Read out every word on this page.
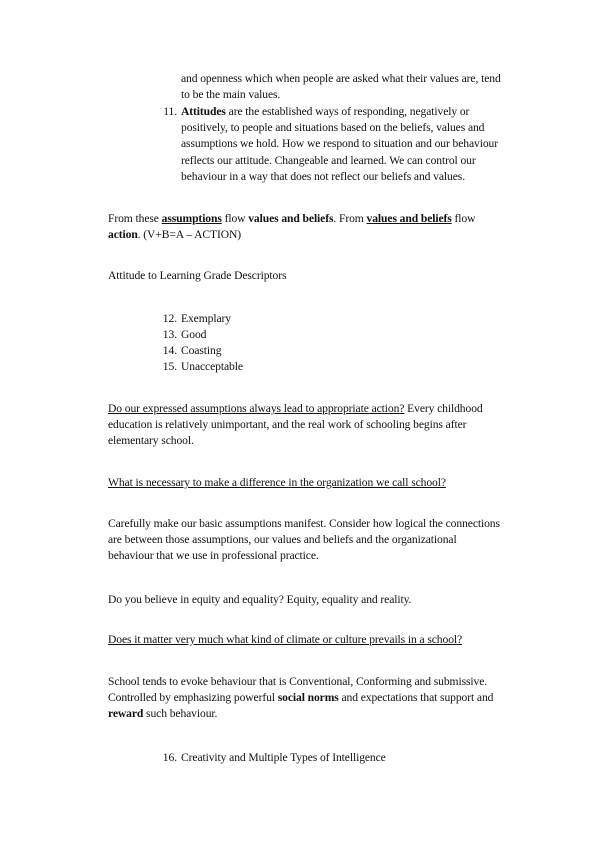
and openness which when people are asked what their values are, tend
to be the main values.
11. Attitudes are the established ways of responding, negatively or
positively, to people and situations based on the beliefs, values and
assumptions we hold. How we respond to situation and our behaviour
reflects our attitude. Changeable and learned. We can control our
behaviour in a way that does not reflect our beliefs and values.
From these assumptions flow values and beliefs. From values and beliefs flow
action. (V+B=A – ACTION)
Attitude to Learning Grade Descriptors
12. Exemplary
13. Good
14. Coasting
15. Unacceptable
Do our expressed assumptions always lead to appropriate action? Every childhood
education is relatively unimportant, and the real work of schooling begins after
elementary school.
What is necessary to make a difference in the organization we call school?
Carefully make our basic assumptions manifest. Consider how logical the connections
are between those assumptions, our values and beliefs and the organizational
behaviour that we use in professional practice.
Do you believe in equity and equality? Equity, equality and reality.
Does it matter very much what kind of climate or culture prevails in a school?
School tends to evoke behaviour that is Conventional, Conforming and submissive.
Controlled by emphasizing powerful social norms and expectations that support and
reward such behaviour.
16. Creativity and Multiple Types of Intelligence
